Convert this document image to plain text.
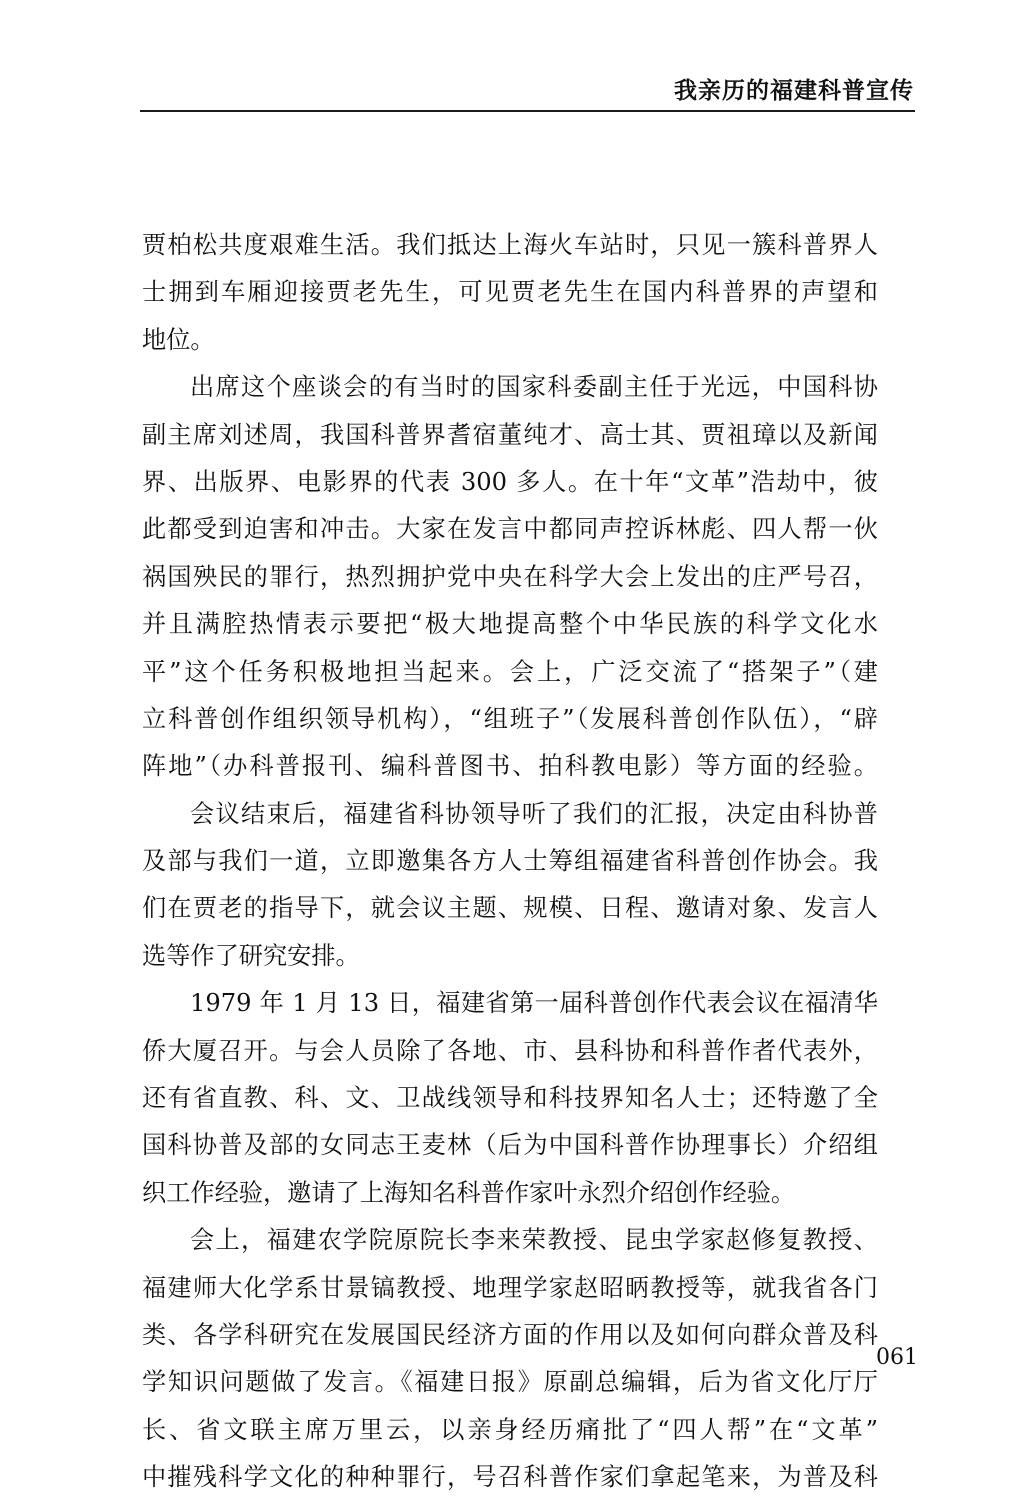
我亲历的福建科普宣传
贾柏松共度艰难生活。我们抵达上海火车站时，只见一簇科普界人
士拥到车厢迎接贾老先生，可见贾老先生在国内科普界的声望和
地位。
出席这个座谈会的有当时的国家科委副主任于光远，中国科协
副主席刘述周，我国科普界耆宿董纯才、高士其、贾祖璋以及新闻
界、出版界、电影界的代表 300 多人。在十年“文革”浩劫中，彼
此都受到迫害和冲击。大家在发言中都同声控诉林彪、四人帮一伙
祸国殃民的罪行，热烈拥护党中央在科学大会上发出的庄严号召，
并且满腔热情表示要把“极大地提高整个中华民族的科学文化水
平”这个任务积极地担当起来。会上，广泛交流了“搭架子”（建
立科普创作组织领导机构），“组班子”（发展科普创作队伍），“辟
阵地”（办科普报刊、编科普图书、拍科教电影）等方面的经验。
会议结束后，福建省科协领导听了我们的汇报，决定由科协普
及部与我们一道，立即邀集各方人士筹组福建省科普创作协会。我
们在贾老的指导下，就会议主题、规模、日程、邀请对象、发言人
选等作了研究安排。
1979 年 1 月 13 日，福建省第一届科普创作代表会议在福清华
侨大厦召开。与会人员除了各地、市、县科协和科普作者代表外，
还有省直教、科、文、卫战线领导和科技界知名人士；还特邀了全
国科协普及部的女同志王麦林（后为中国科普作协理事长）介绍组
织工作经验，邀请了上海知名科普作家叶永烈介绍创作经验。
会上，福建农学院原院长李来荣教授、昆虫学家赵修复教授、
福建师大化学系甘景镐教授、地理学家赵昭昞教授等，就我省各门
类、各学科研究在发展国民经济方面的作用以及如何向群众普及科
学知识问题做了发言。《福建日报》原副总编辑，后为省文化厅厅
长、省文联主席万里云，以亲身经历痛批了“四人帮”在“文革”
中摧残科学文化的种种罪行，号召科普作家们拿起笔来，为普及科
061
